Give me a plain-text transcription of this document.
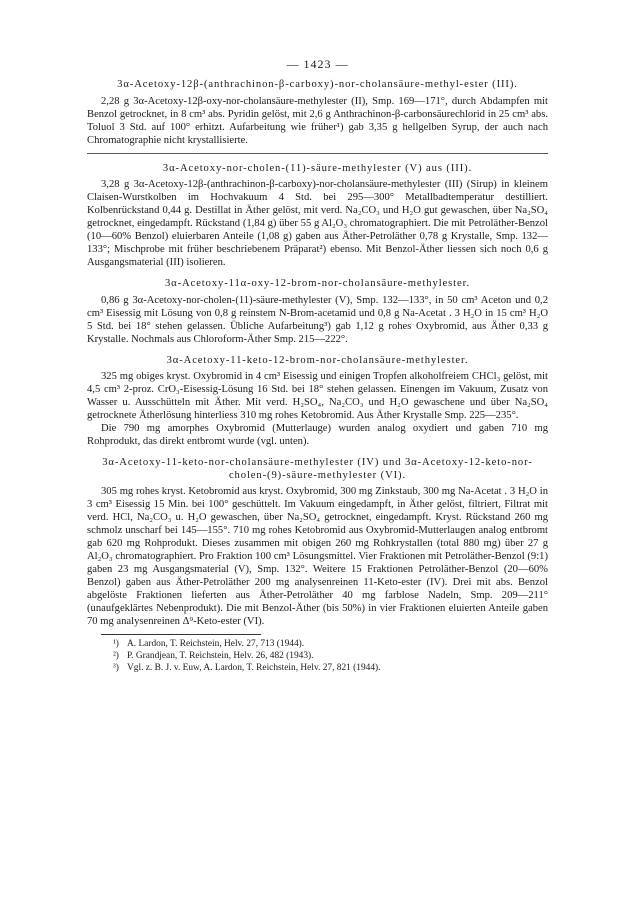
— 1423 —
3α-Acetoxy-12β-(anthrachinon-β-carboxy)-nor-cholansäure-methyl-ester (III).

2,28 g 3α-Acetoxy-12β-oxy-nor-cholansäure-methylester (II), Smp. 169—171°, durch Abdampfen mit Benzol getrocknet, in 8 cm³ abs. Pyridin gelöst, mit 2,6 g Anthrachinon-β-carbonsäurechlorid in 25 cm³ abs. Toluol 3 Std. auf 100° erhitzt. Aufarbeitung wie früher¹) gab 3,35 g hellgelben Syrup, der auch nach Chromatographie nicht krystallisierte.

3α-Acetoxy-nor-cholen-(11)-säure-methylester (V) aus (III).

3,28 g 3α-Acetoxy-12β-(anthrachinon-β-carboxy)-nor-cholansäure-methylester (III) (Sirup) in kleinem Claisen-Wurstkolben im Hochvakuum 4 Std. bei 295—300° Metallbadtemperatur destilliert. Kolbenrückstand 0,44 g. Destillat in Äther gelöst, mit verd. Na₂CO₃ und H₂O gut gewaschen, über Na₂SO₄ getrocknet, eingedampft. Rückstand (1,84 g) über 55 g Al₂O₃ chromatographiert. Die mit Petroläther-Benzol (10—60% Benzol) eluierbaren Anteile (1,08 g) gaben aus Äther-Petroläther 0,78 g Krystalle, Smp. 132—133°; Mischprobe mit früher beschriebenem Präparat²) ebenso. Mit Benzol-Äther liessen sich noch 0,6 g Ausgangsmaterial (III) isolieren.

3α-Acetoxy-11α-oxy-12-brom-nor-cholansäure-methylester.

0,86 g 3α-Acetoxy-nor-cholen-(11)-säure-methylester (V), Smp. 132—133°, in 50 cm³ Aceton und 0,2 cm³ Eisessig mit Lösung von 0,8 g reinstem N-Brom-acetamid und 0,8 g Na-Acetat . 3 H₂O in 15 cm³ H₂O 5 Std. bei 18° stehen gelassen. Übliche Aufarbeitung³) gab 1,12 g rohes Oxybromid, aus Äther 0,33 g Krystalle. Nochmals aus Chloroform-Äther Smp. 215—222°.

3α-Acetoxy-11-keto-12-brom-nor-cholansäure-methylester.

325 mg obiges kryst. Oxybromid in 4 cm³ Eisessig und einigen Tropfen alkoholfreiem CHCl₃ gelöst, mit 4,5 cm³ 2-proz. CrO₃-Eisessig-Lösung 16 Std. bei 18° stehen gelassen. Einengen im Vakuum, Zusatz von Wasser u. Ausschütteln mit Äther. Mit verd. H₂SO₄, Na₂CO₃ und H₂O gewaschene und über Na₂SO₄ getrocknete Ätherlösung hinterliess 310 mg rohes Ketobromid. Aus Äther Krystalle Smp. 225—235°.

Die 790 mg amorphes Oxybromid (Mutterlauge) wurden analog oxydiert und gaben 710 mg Rohprodukt, das direkt entbromt wurde (vgl. unten).

3α-Acetoxy-11-keto-nor-cholansäure-methylester (IV) und 3α-Acetoxy-12-keto-nor-cholen-(9)-säure-methylester (VI).

305 mg rohes kryst. Ketobromid aus kryst. Oxybromid, 300 mg Zinkstaub, 300 mg Na-Acetat . 3 H₂O in 3 cm³ Eisessig 15 Min. bei 100° geschüttelt. Im Vakuum eingedampft, in Äther gelöst, filtriert, Filtrat mit verd. HCl, Na₂CO₃ u. H₂O gewaschen, über Na₂SO₄ getrocknet, eingedampft. Kryst. Rückstand 260 mg schmolz unscharf bei 145—155°. 710 mg rohes Ketobromid aus Oxybromid-Mutterlaugen analog entbromt gab 620 mg Rohprodukt. Dieses zusammen mit obigen 260 mg Rohkrystallen (total 880 mg) über 27 g Al₂O₃ chromatographiert. Pro Fraktion 100 cm³ Lösungsmittel. Vier Fraktionen mit Petroläther-Benzol (9:1) gaben 23 mg Ausgangsmaterial (V), Smp. 132°. Weitere 15 Fraktionen Petroläther-Benzol (20—60% Benzol) gaben aus Äther-Petroläther 200 mg analysenreinen 11-Keto-ester (IV). Drei mit abs. Benzol abgelöste Fraktionen lieferten aus Äther-Petroläther 40 mg farblose Nadeln, Smp. 209—211° (unaufgeklärtes Nebenprodukt). Die mit Benzol-Äther (bis 50%) in vier Fraktionen eluierten Anteile gaben 70 mg analysenreinen Δ⁹-Keto-ester (VI).

¹) A. Lardon, T. Reichstein, Helv. 27, 713 (1944).
²) P. Grandjean, T. Reichstein, Helv. 26, 482 (1943).
³) Vgl. z. B. J. v. Euw, A. Lardon, T. Reichstein, Helv. 27, 821 (1944).
